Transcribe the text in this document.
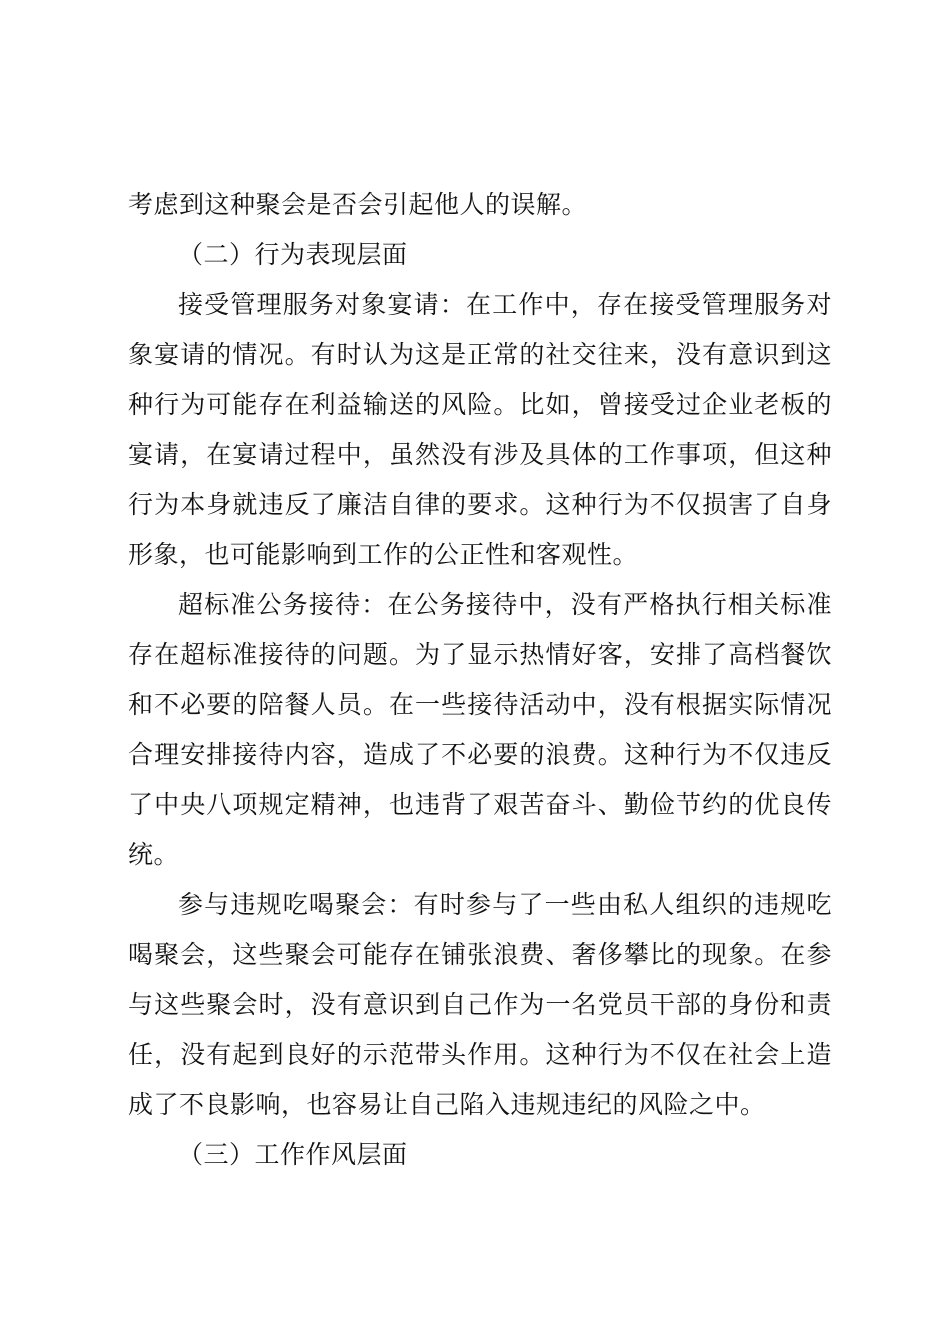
考虑到这种聚会是否会引起他人的误解。

（二）行为表现层面

接受管理服务对象宴请：在工作中，存在接受管理服务对象宴请的情况。有时认为这是正常的社交往来，没有意识到这种行为可能存在利益输送的风险。比如，曾接受过企业老板的宴请，在宴请过程中，虽然没有涉及具体的工作事项，但这种行为本身就违反了廉洁自律的要求。这种行为不仅损害了自身形象，也可能影响到工作的公正性和客观性。

超标准公务接待：在公务接待中，没有严格执行相关标准存在超标准接待的问题。为了显示热情好客，安排了高档餐饮和不必要的陪餐人员。在一些接待活动中，没有根据实际情况合理安排接待内容，造成了不必要的浪费。这种行为不仅违反了中央八项规定精神，也违背了艰苦奋斗、勤俭节约的优良传统。

参与违规吃喝聚会：有时参与了一些由私人组织的违规吃喝聚会，这些聚会可能存在铺张浪费、奢侈攀比的现象。在参与这些聚会时，没有意识到自己作为一名党员干部的身份和责任，没有起到良好的示范带头作用。这种行为不仅在社会上造成了不良影响，也容易让自己陷入违规违纪的风险之中。

（三）工作作风层面
